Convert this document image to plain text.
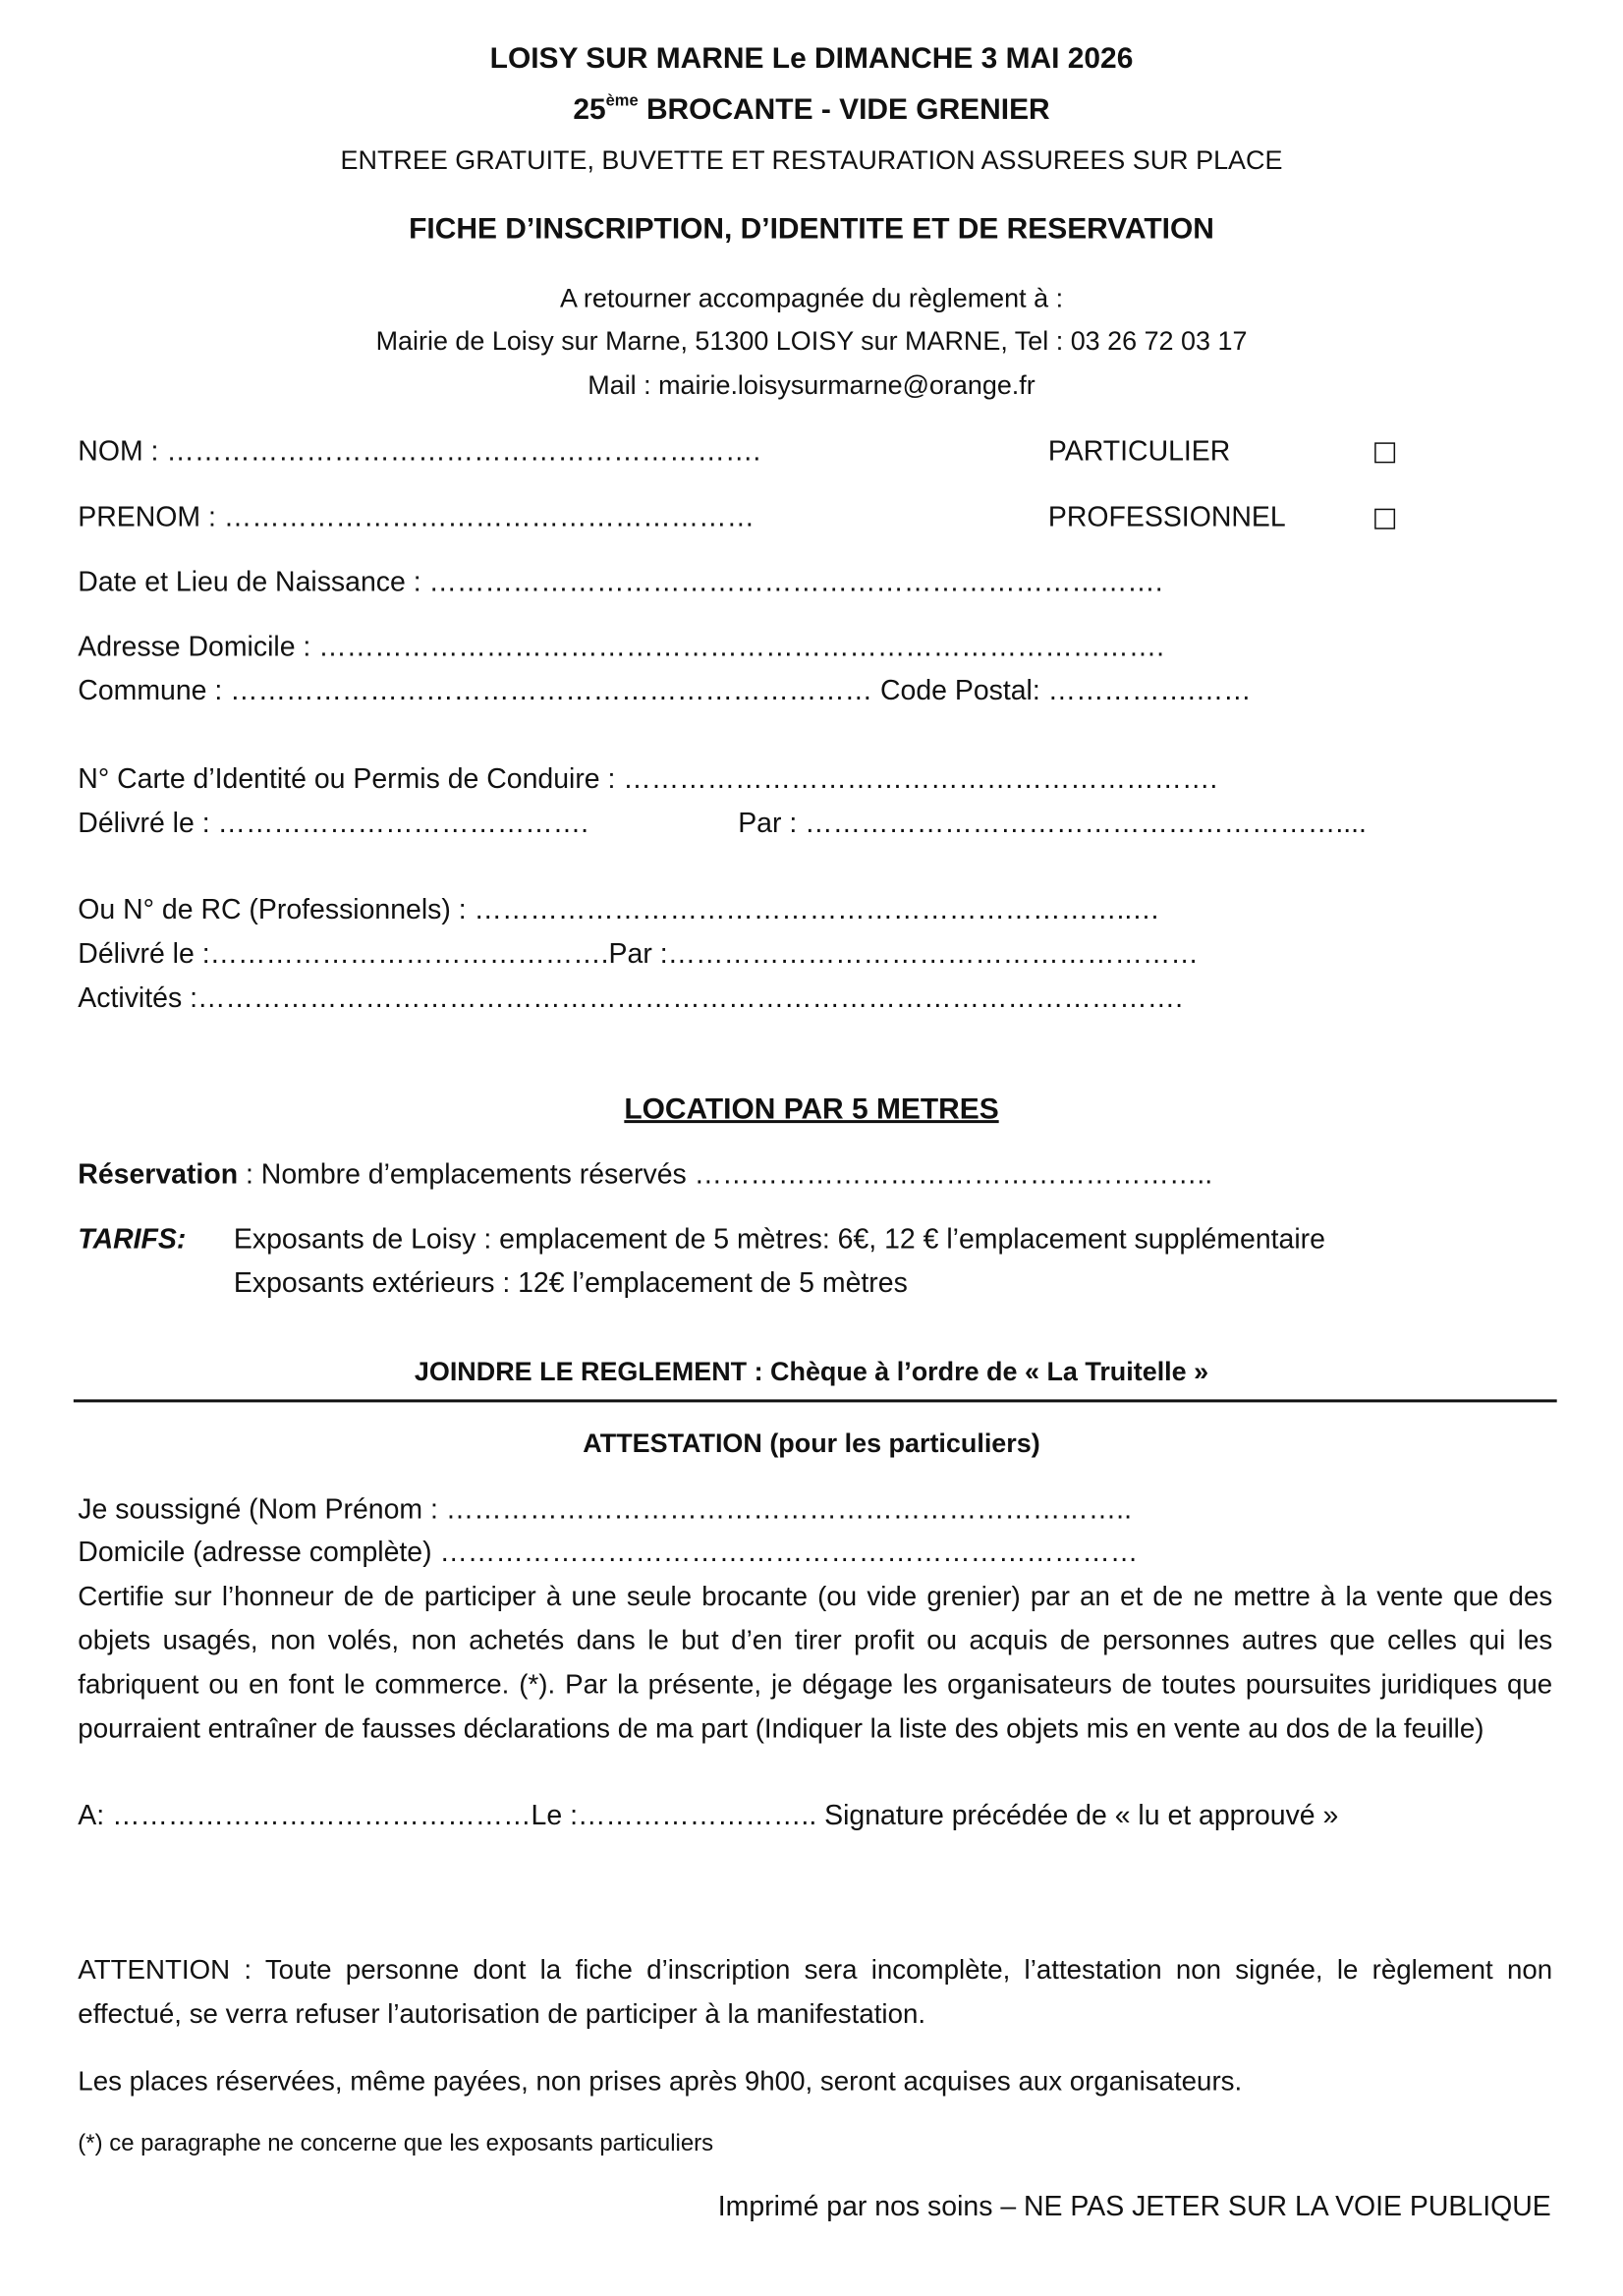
LOISY SUR MARNE Le DIMANCHE 3 MAI 2026
25ème BROCANTE - VIDE GRENIER
ENTREE GRATUITE, BUVETTE ET RESTAURATION ASSUREES SUR PLACE
FICHE D’INSCRIPTION, D’IDENTITE ET DE RESERVATION
A retourner accompagnée du règlement à :
Mairie de Loisy sur Marne, 51300 LOISY sur MARNE, Tel : 03 26 72 03 17
Mail : mairie.loisysurmarne@orange.fr
NOM : ……………………………………………………….	PARTICULIER
PRENOM : …………………………………………………	PROFESSIONNEL
Date et Lieu de Naissance : …………………………………………………………………….
Adresse Domicile : ……………………………………………………………………………….
Commune : …………………………………………………………… Code Postal: …………….……
N° Carte d’Identité ou Permis de Conduire : ……………………………………………………….
Délivré le : ………………………………….	Par : …………………………………………………....
Ou N° de RC (Professionnels) : ……………………………………………………………..…
Délivré le :…………………………………….Par :…………………………………………………
Activités :…………………………………………………………………………………………….
LOCATION PAR 5 METRES
Réservation : Nombre d’emplacements réservés ………………………………………………..
TARIFS:	Exposants de Loisy : emplacement de 5 mètres: 6€, 12 € l’emplacement supplémentaire
Exposants extérieurs : 12€ l’emplacement de 5 mètres
JOINDRE LE REGLEMENT : Chèque à l’ordre de « La Truitelle »
ATTESTATION (pour les particuliers)
Je soussigné (Nom Prénom : ………………………………………………………………..
Domicile (adresse complète) …………………………………………………………………
Certifie sur l’honneur de de participer à une seule brocante (ou vide grenier) par an et de ne mettre à la vente que des objets usagés, non volés, non achetés dans le but d’en tirer profit ou acquis de personnes autres que celles qui les fabriquent ou en font le commerce. (*). Par la présente, je dégage les organisateurs de toutes poursuites juridiques que pourraient entraîner de fausses déclarations de ma part (Indiquer la liste des objets mis en vente au dos de la feuille)
A: ………………………………………Le :…………………….. Signature précédée de « lu et approuvé »
ATTENTION : Toute personne dont la fiche d’inscription sera incomplète, l’attestation non signée, le règlement non effectué, se verra refuser l’autorisation de participer à la manifestation.
Les places réservées, même payées, non prises après 9h00, seront acquises aux organisateurs.
(*) ce paragraphe ne concerne que les exposants particuliers
Imprimé par nos soins – NE PAS JETER SUR LA VOIE PUBLIQUE
